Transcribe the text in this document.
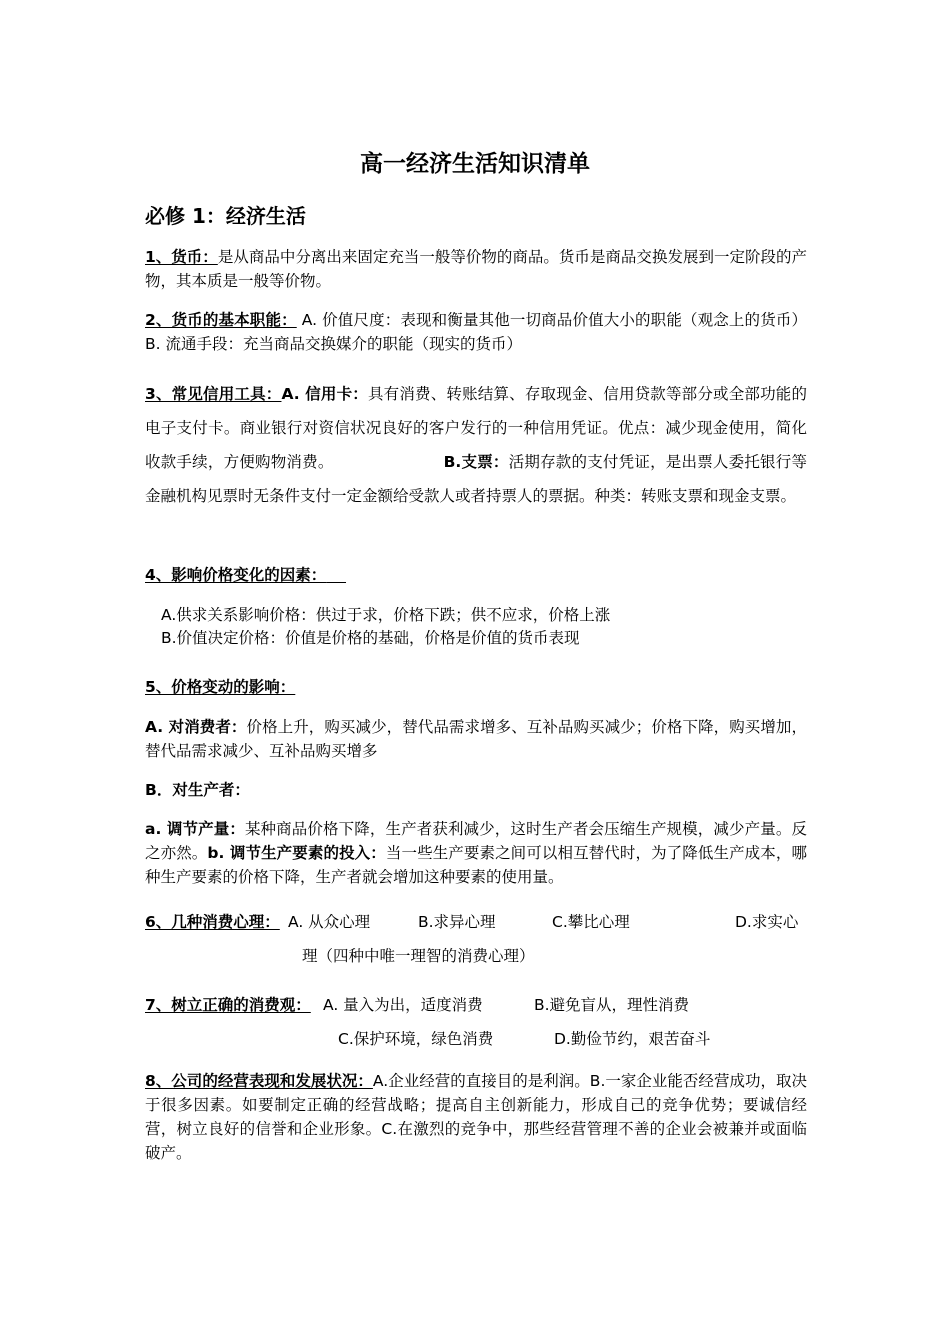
高一经济生活知识清单
必修 1：经济生活

1、货币：是从商品中分离出来固定充当一般等价物的商品。货币是商品交换发展到一定阶段的产物，其本质是一般等价物。

2、货币的基本职能： A. 价值尺度：表现和衡量其他一切商品价值大小的职能（观念上的货币） B. 流通手段：充当商品交换媒介的职能（现实的货币）

3、常见信用工具：A. 信用卡：具有消费、转账结算、存取现金、信用贷款等部分或全部功能的电子支付卡。商业银行对资信状况良好的客户发行的一种信用凭证。优点：减少现金使用，简化收款手续，方便购物消费。	B.支票：活期存款的支付凭证，是出票人委托银行等金融机构见票时无条件支付一定金额给受款人或者持票人的票据。种类：转账支票和现金支票。

4、影响价格变化的因素：

A.供求关系影响价格：供过于求，价格下跌；供不应求，价格上涨

B.价值决定价格：价值是价格的基础，价格是价值的货币表现

5、价格变动的影响：

A. 对消费者：价格上升，购买减少，替代品需求增多、互补品购买减少；价格下降，购买增加，替代品需求减少、互补品购买增多

B．对生产者：

a. 调节产量：某种商品价格下降，生产者获利减少，这时生产者会压缩生产规模，减少产量。反之亦然。b. 调节生产要素的投入：当一些生产要素之间可以相互替代时，为了降低生产成本，哪种生产要素的价格下降，生产者就会增加这种要素的使用量。

6、几种消费心理： A. 从众心理	B.求异心理	C.攀比心理	D.求实心

理（四种中唯一理智的消费心理）

7、树立正确的消费观： A. 量入为出，适度消费	B.避免盲从，理性消费
C.保护环境，绿色消费	D.勤俭节约，艰苦奋斗

8、公司的经营表现和发展状况：A.企业经营的直接目的是利润。B.一家企业能否经营成功，取决于很多因素。如要制定正确的经营战略；提高自主创新能力，形成自己的竞争优势；要诚信经营，树立良好的信誉和企业形象。C.在激烈的竞争中，那些经营管理不善的企业会被兼并或面临破产。
